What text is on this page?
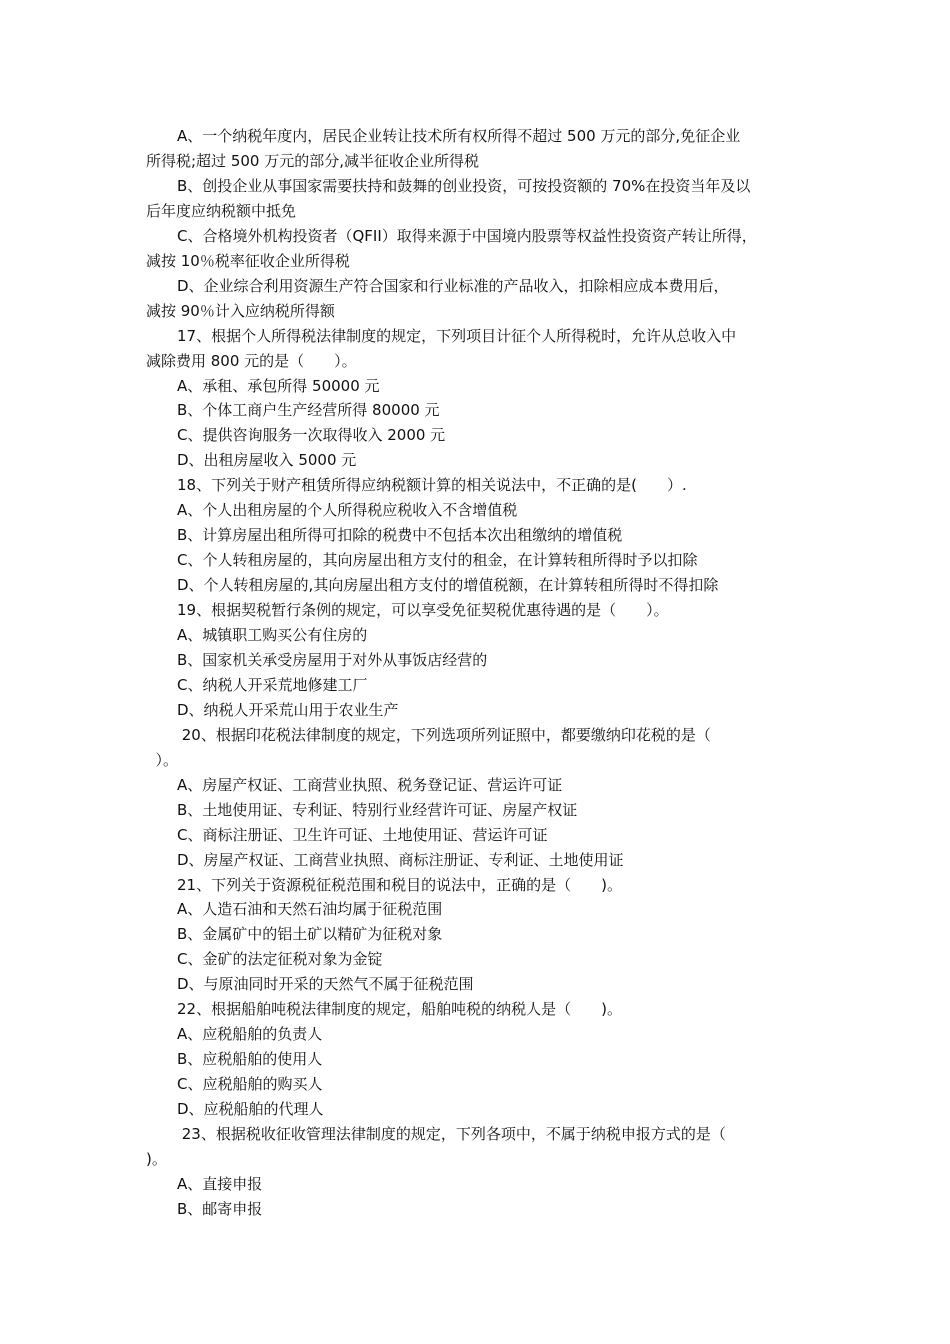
A、一个纳税年度内，居民企业转让技术所有权所得不超过 500 万元的部分,免征企业
所得税;超过 500 万元的部分,减半征收企业所得税
B、创投企业从事国家需要扶持和鼓舞的创业投资，可按投资额的 70%在投资当年及以
后年度应纳税额中抵免
C、合格境外机构投资者（QFII）取得来源于中国境内股票等权益性投资资产转让所得，
减按 10％税率征收企业所得税
D、企业综合利用资源生产符合国家和行业标准的产品收入，扣除相应成本费用后，
减按 90％计入应纳税所得额
17、根据个人所得税法律制度的规定，下列项目计征个人所得税时，允许从总收入中
减除费用 800 元的是（　　）。
A、承租、承包所得 50000 元
B、个体工商户生产经营所得 80000 元
C、提供咨询服务一次取得收入 2000 元
D、出租房屋收入 5000 元
18、下列关于财产租赁所得应纳税额计算的相关说法中，不正确的是(　　）.
A、个人出租房屋的个人所得税应税收入不含增值税
B、计算房屋出租所得可扣除的税费中不包括本次出租缴纳的增值税
C、个人转租房屋的，其向房屋出租方支付的租金，在计算转租所得时予以扣除
D、个人转租房屋的,其向房屋出租方支付的增值税额，在计算转租所得时不得扣除
19、根据契税暂行条例的规定，可以享受免征契税优惠待遇的是（　　）。
A、城镇职工购买公有住房的
B、国家机关承受房屋用于对外从事饭店经营的
C、纳税人开采荒地修建工厂
D、纳税人开采荒山用于农业生产
20、根据印花税法律制度的规定，下列选项所列证照中，都要缴纳印花税的是（
）。
A、房屋产权证、工商营业执照、税务登记证、营运许可证
B、土地使用证、专利证、特别行业经营许可证、房屋产权证
C、商标注册证、卫生许可证、土地使用证、营运许可证
D、房屋产权证、工商营业执照、商标注册证、专利证、土地使用证
21、下列关于资源税征税范围和税目的说法中，正确的是（　　)。
A、人造石油和天然石油均属于征税范围
B、金属矿中的铝土矿以精矿为征税对象
C、金矿的法定征税对象为金锭
D、与原油同时开采的天然气不属于征税范围
22、根据船舶吨税法律制度的规定，船舶吨税的纳税人是（　　)。
A、应税船舶的负责人
B、应税船舶的使用人
C、应税船舶的购买人
D、应税船舶的代理人
23、根据税收征收管理法律制度的规定，下列各项中，不属于纳税申报方式的是（
)。
A、直接申报
B、邮寄申报
